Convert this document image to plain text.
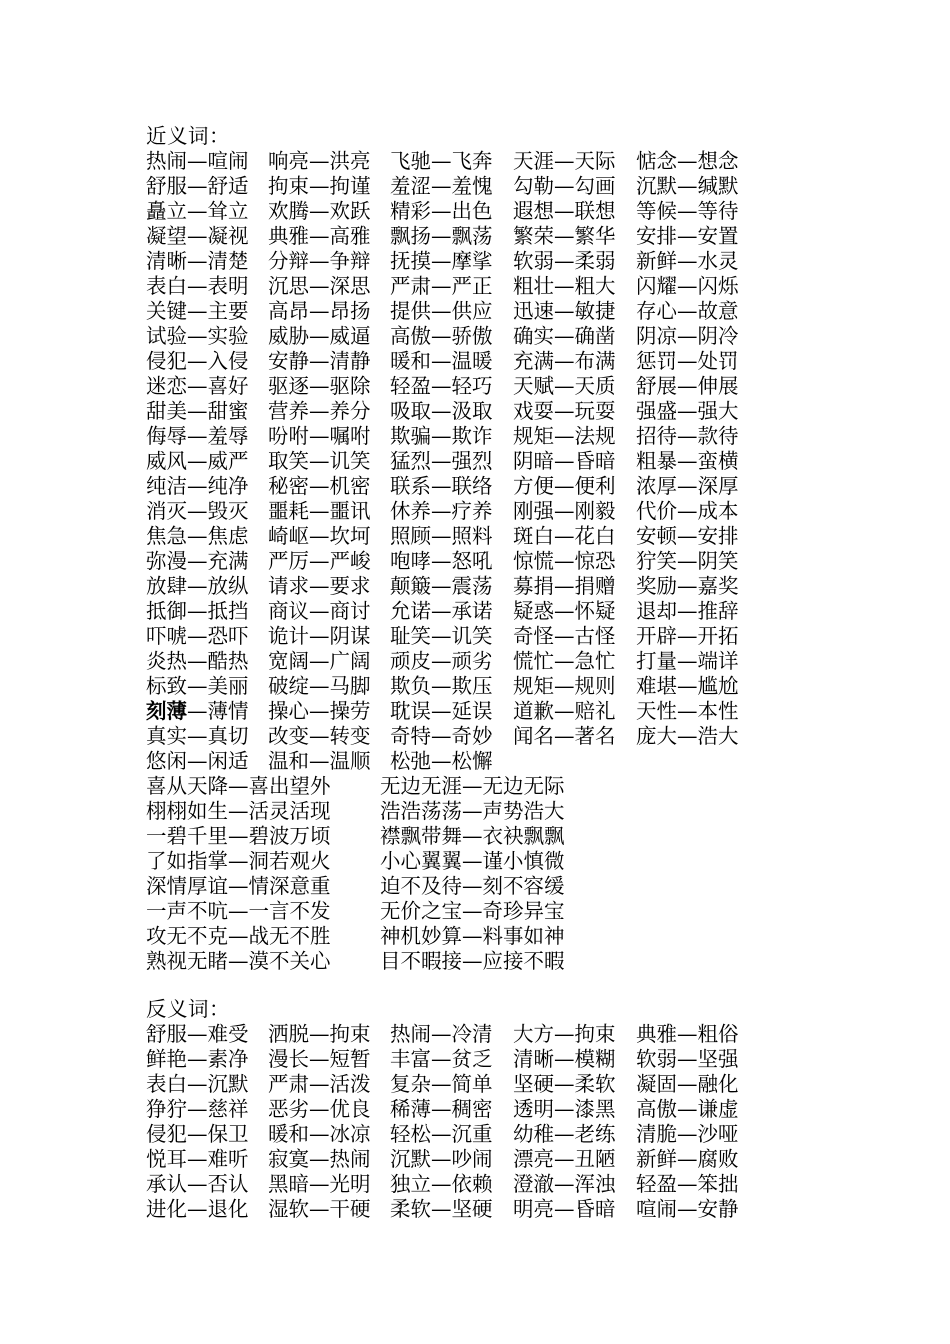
近义词：
热闹—喧闹 响亮—洪亮 飞驰—飞奔 天涯—天际 惦念—想念
舒服—舒适 拘束—拘谨 羞涩—羞愧 勾勒—勾画 沉默—缄默
矗立—耸立 欢腾—欢跃 精彩—出色 遐想—联想 等候—等待
凝望—凝视 典雅—高雅 飘扬—飘荡 繁荣—繁华 安排—安置
清晰—清楚 分辩—争辩 抚摸—摩挲 软弱—柔弱 新鲜—水灵
表白—表明 沉思—深思 严肃—严正 粗壮—粗大 闪耀—闪烁
关键—主要 高昂—昂扬 提供—供应 迅速—敏捷 存心—故意
试验—实验 威胁—威逼 高傲—骄傲 确实—确凿 阴凉—阴冷
侵犯—入侵 安静—清静 暖和—温暖 充满—布满 惩罚—处罚
迷恋—喜好 驱逐—驱除 轻盈—轻巧 天赋—天质 舒展—伸展
甜美—甜蜜 营养—养分 吸取—汲取 戏耍—玩耍 强盛—强大
侮辱—羞辱 吩咐—嘱咐 欺骗—欺诈 规矩—法规 招待—款待
威风—威严 取笑—讥笑 猛烈—强烈 阴暗—昏暗 粗暴—蛮横
纯洁—纯净 秘密—机密 联系—联络 方便—便利 浓厚—深厚
消灭—毁灭 噩耗—噩讯 休养—疗养 刚强—刚毅 代价—成本
焦急—焦虑 崎岖—坎坷 照顾—照料 斑白—花白 安顿—安排
弥漫—充满 严厉—严峻 咆哮—怒吼 惊慌—惊恐 狞笑—阴笑
放肆—放纵 请求—要求 颠簸—震荡 募捐—捐赠 奖励—嘉奖
抵御—抵挡 商议—商讨 允诺—承诺 疑惑—怀疑 退却—推辞
吓唬—恐吓 诡计—阴谋 耻笑—讥笑 奇怪—古怪 开辟—开拓
炎热—酷热 宽阔—广阔 顽皮—顽劣 慌忙—急忙 打量—端详
标致—美丽 破绽—马脚 欺负—欺压 规矩—规则 难堪—尴尬
刻薄—薄情 操心—操劳 耽误—延误 道歉—赔礼 天性—本性
真实—真切 改变—转变 奇特—奇妙 闻名—著名 庞大—浩大
悠闲—闲适 温和—温顺 松弛—松懈
喜从天降—喜出望外 无边无涯—无边无际
栩栩如生—活灵活现 浩浩荡荡—声势浩大
一碧千里—碧波万顷 襟飘带舞—衣袂飘飘
了如指掌—洞若观火 小心翼翼—谨小慎微
深情厚谊—情深意重 迫不及待—刻不容缓
一声不吭—一言不发 无价之宝—奇珍异宝
攻无不克—战无不胜 神机妙算—料事如神
熟视无睹—漠不关心 目不暇接—应接不暇
反义词：
舒服—难受 洒脱—拘束 热闹—冷清 大方—拘束 典雅—粗俗
鲜艳—素净 漫长—短暂 丰富—贫乏 清晰—模糊 软弱—坚强
表白—沉默 严肃—活泼 复杂—简单 坚硬—柔软 凝固—融化
狰狞—慈祥 恶劣—优良 稀薄—稠密 透明—漆黑 高傲—谦虚
侵犯—保卫 暖和—冰凉 轻松—沉重 幼稚—老练 清脆—沙哑
悦耳—难听 寂寞—热闹 沉默—吵闹 漂亮—丑陋 新鲜—腐败
承认—否认 黑暗—光明 独立—依赖 澄澈—浑浊 轻盈—笨拙
进化—退化 湿软—干硬 柔软—坚硬 明亮—昏暗 喧闹—安静
